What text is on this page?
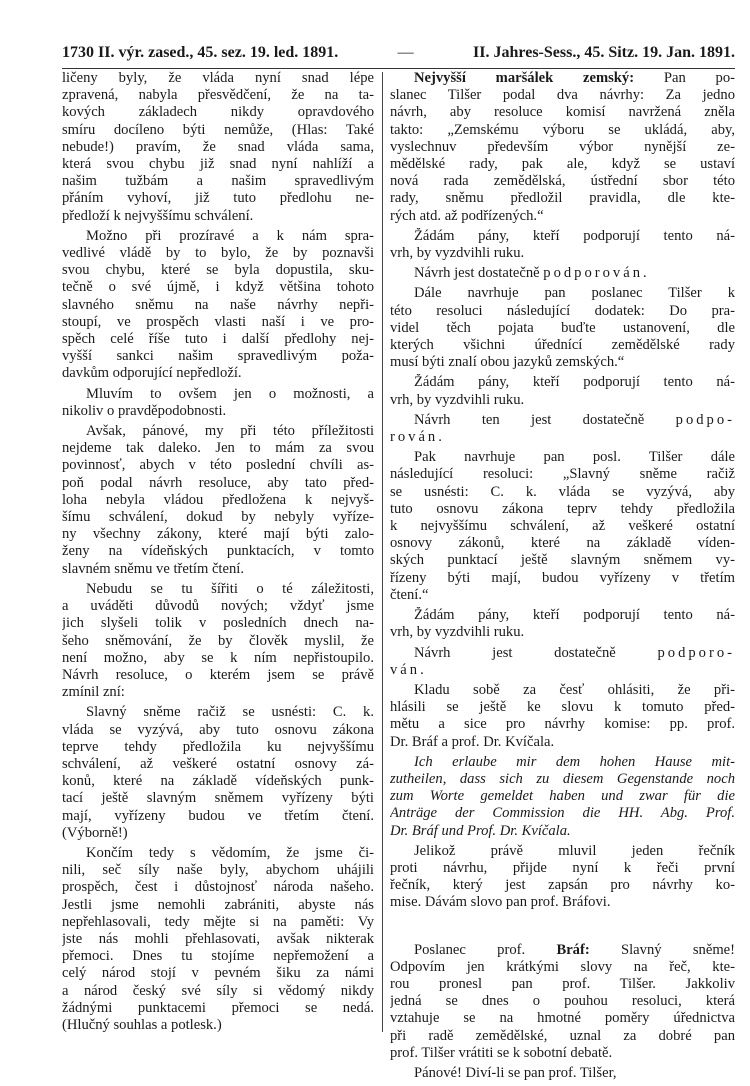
1730 II. výr. zased., 45. sez. 19. led. 1891.	—	II. Jahres-Sess., 45. Sitz. 19. Jan. 1891.
ličeny byly, že vláda nyní snad lépe
zpravená, nabyla přesvědčení, že na ta-
kových základech nikdy opravdového
smíru docíleno býti nemůže, (Hlas: Také
nebude!) pravím, že snad vláda sama,
která svou chybu již snad nyní nahlíží a
našim tužbám a našim spravedlivým
přáním vyhoví, již tuto předlohu ne-
předloží k nejvyššímu schválení.
Možno při prozíravé a k nám spra-
vedlivé vládě by to bylo, že by poznavši
svou chybu, které se byla dopustila, sku-
tečně o své újmě, i když většina tohoto
slavného sněmu na naše návrhy nepři-
stoupí, ve prospěch vlasti naší i ve pro-
spěch celé říše tuto i další předlohy nej-
vyšší sankci našim spravedlivým poža-
davkům odporující nepředloží.
Mluvím to ovšem jen o možnosti, a
nikoliv o pravděpodobnosti.
Avšak, pánové, my při této příležitosti
nejdeme tak daleko. Jen to mám za svou
povinnosť, abych v této poslední chvíli as-
poň podal návrh resoluce, aby tato před-
loha nebyla vládou předložena k nejvyš-
šímu schválení, dokud by nebyly vyříze-
ny všechny zákony, které mají býti zalo-
ženy na vídeňských punktacích, v tomto
slavném sněmu ve třetím čtení.
Nebudu se tu šířiti o té záležitosti,
a uváděti důvodů nových; vždyť jsme
jich slyšeli tolik v posledních dnech na-
šeho sněmování, že by člověk myslil, že
není možno, aby se k ním nepřistoupilo.
Návrh resoluce, o kterém jsem se právě
zmínil zní:
Slavný sněme račiž se usnésti: C. k.
vláda se vyzývá, aby tuto osnovu zákona
teprve tehdy předložila ku nejvyššímu
schválení, až veškeré ostatní osnovy zá-
konů, které na základě vídeňských punk-
tací ještě slavným sněmem vyřízeny býti
mají, vyřízeny budou ve třetím čtení.
(Výborně!)
Končím tedy s vědomím, že jsme či-
nili, seč síly naše byly, abychom uhájili
prospěch, čest i důstojnosť národa našeho.
Jestli jsme nemohli zabrániti, abyste nás
nepřehlasovali, tedy mějte si na paměti: Vy
jste nás mohli přehlasovati, avšak nikterak
přemoci. Dnes tu stojíme nepřemožení a
celý národ stojí v pevném šiku za námi
a národ český své síly si vědomý nikdy
žádnými punktacemi přemoci se nedá.
(Hlučný souhlas a potlesk.)
Nejvyšší maršálek zemský: Pan po-
slanec Tilšer podal dva návrhy: Za jedno
návrh, aby resoluce komisí navržená zněla
takto: „Zemskému výboru se ukládá, aby,
vyslechnuv především výbor nynější ze-
mědělské rady, pak ale, když se ustaví
nová rada zemědělská, ústřední sbor této
rady, sněmu předložil pravidla, dle kte-
rých atd. až podřízených.“
Žádám pány, kteří podporují tento ná-
vrh, by vyzdvihli ruku.
Návrh jest dostatečně podporován.
Dále navrhuje pan poslanec Tilšer k
této resoluci následující dodatek: Do pra-
videl těch pojata buďte ustanovení, dle
kterých všichni úřednící zemědělské rady
musí býti znalí obou jazyků zemských.“
Žádám pány, kteří podporují tento ná-
vrh, by vyzdvihli ruku.
Návrh ten jest dostatečně podpo-
rován.
Pak navrhuje pan posl. Tilšer dále
následující resoluci: „Slavný sněme račiž
se usnésti: C. k. vláda se vyzývá, aby
tuto osnovu zákona teprv tehdy předložila
k nejvyššímu schválení, až veškeré ostatní
osnovy zákonů, které na základě víden-
ských punktací ještě slavným sněmem vy-
řízeny býti mají, budou vyřízeny v třetím
čtení.“
Žádám pány, kteří podporují tento ná-
vrh, by vyzdvihli ruku.
Návrh jest dostatečně podporo-
ván.
Kladu sobě za česť ohlásiti, že při-
hlásili se ještě ke slovu k tomuto před-
mětu a sice pro návrhy komise: pp. prof.
Dr. Bráf a prof. Dr. Kvíčala.
Ich erlaube mir dem hohen Hause mit-
zutheilen, dass sich zu diesem Gegenstande noch
zum Worte gemeldet haben und zwar für die
Anträge der Commission die HH. Abg. Prof.
Dr. Bráf und Prof. Dr. Kvíčala.
Jelikož právě mluvil jeden řečník
proti návrhu, přijde nyní k řeči první
řečník, který jest zapsán pro návrhy ko-
mise. Dávám slovo pan prof. Bráfovi.
Poslanec prof. Bráf: Slavný sněme!
Odpovím jen krátkými slovy na řeč, kte-
rou pronesl pan prof. Tilšer. Jakkoliv
jedná se dnes o pouhou resoluci, která
vztahuje se na hmotné poměry úřednictva
při radě zemědělské, uznal za dobré pan
prof. Tilšer vrátiti se k sobotní debatě.
Pánové! Diví-li se pan prof. Tilšer,
